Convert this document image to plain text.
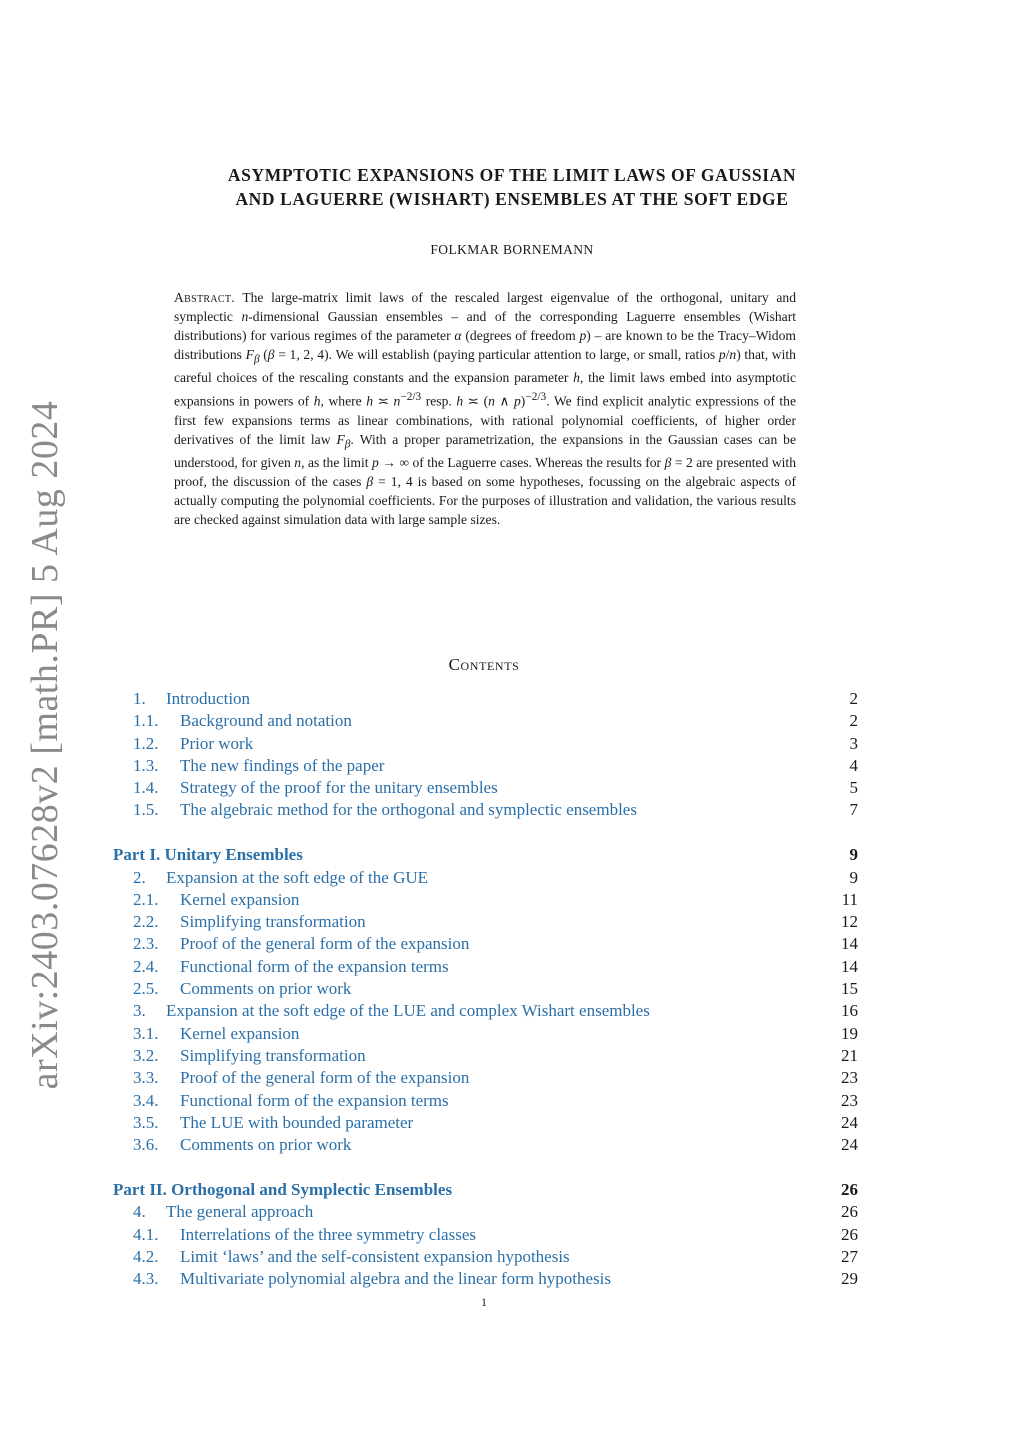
arXiv:2403.07628v2 [math.PR] 5 Aug 2024
ASYMPTOTIC EXPANSIONS OF THE LIMIT LAWS OF GAUSSIAN
AND LAGUERRE (WISHART) ENSEMBLES AT THE SOFT EDGE
FOLKMAR BORNEMANN
Abstract. The large-matrix limit laws of the rescaled largest eigenvalue of the orthogonal, unitary and symplectic n-dimensional Gaussian ensembles – and of the corresponding Laguerre ensembles (Wishart distributions) for various regimes of the parameter α (degrees of freedom p) – are known to be the Tracy–Widom distributions $F_\beta$ (β = 1, 2, 4). We will establish (paying particular attention to large, or small, ratios p/n) that, with careful choices of the rescaling constants and the expansion parameter h, the limit laws embed into asymptotic expansions in powers of h, where h ≍ $n^{-2/3}$ resp. h ≍ (n ∧ p)$^{-2/3}$. We find explicit analytic expressions of the first few expansions terms as linear combinations, with rational polynomial coefficients, of higher order derivatives of the limit law $F_\beta$. With a proper parametrization, the expansions in the Gaussian cases can be understood, for given n, as the limit p → ∞ of the Laguerre cases. Whereas the results for β = 2 are presented with proof, the discussion of the cases β = 1, 4 is based on some hypotheses, focussing on the algebraic aspects of actually computing the polynomial coefficients. For the purposes of illustration and validation, the various results are checked against simulation data with large sample sizes.
Contents
1. Introduction	2
1.1. Background and notation	2
1.2. Prior work	3
1.3. The new findings of the paper	4
1.4. Strategy of the proof for the unitary ensembles	5
1.5. The algebraic method for the orthogonal and symplectic ensembles	7
Part I. Unitary Ensembles	9
2. Expansion at the soft edge of the GUE	9
2.1. Kernel expansion	11
2.2. Simplifying transformation	12
2.3. Proof of the general form of the expansion	14
2.4. Functional form of the expansion terms	14
2.5. Comments on prior work	15
3. Expansion at the soft edge of the LUE and complex Wishart ensembles	16
3.1. Kernel expansion	19
3.2. Simplifying transformation	21
3.3. Proof of the general form of the expansion	23
3.4. Functional form of the expansion terms	23
3.5. The LUE with bounded parameter	24
3.6. Comments on prior work	24
Part II. Orthogonal and Symplectic Ensembles	26
4. The general approach	26
4.1. Interrelations of the three symmetry classes	26
4.2. Limit ‘laws’ and the self-consistent expansion hypothesis	27
4.3. Multivariate polynomial algebra and the linear form hypothesis	29
1
